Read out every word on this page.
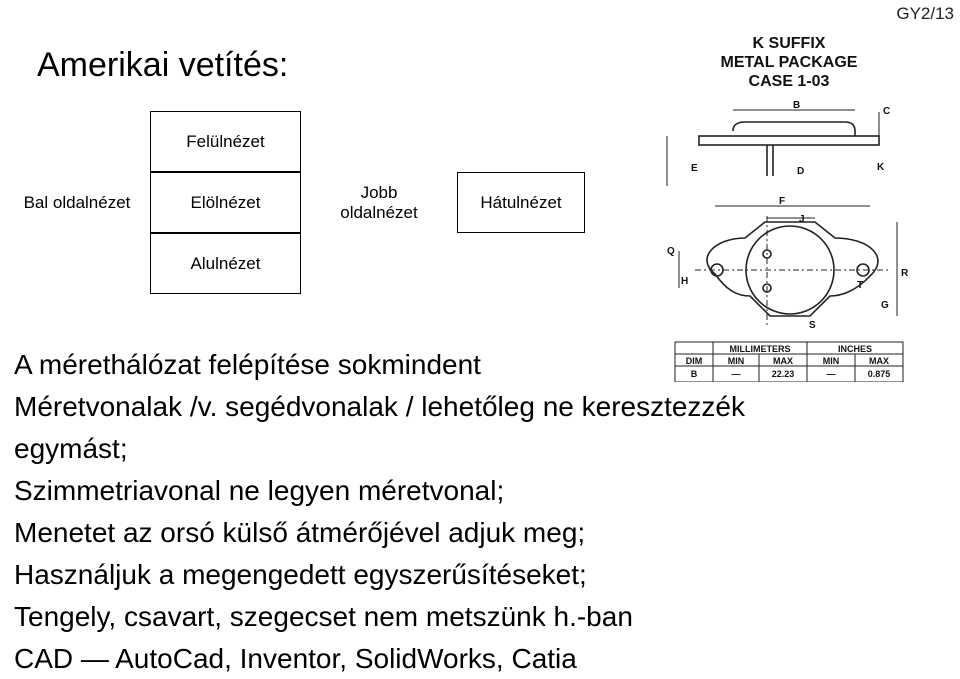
GY2/13
Amerikai vetítés:
Felülnézet
Bal oldalnézet	Elölnézet
Jobb
oldalnézet
Hátulnézet
Alulnézet
K SUFFIX
METAL PACKAGE
CASE 1-03
B
C
E	D	K
F
J
Q
H
R
T
G
S
MILLIMETERS	INCHES
DIM	MIN	MAX	MIN	MAX
B	—	22.23	—	0.875
A mérethálózat felépítése sokmindent
Méretvonalak /v. segédvonalak / lehetőleg ne keresztezzék
egymást;
Szimmetriavonal ne legyen méretvonal;
Menetet az orsó külső átmérőjével adjuk meg;
Használjuk a megengedett egyszerűsítéseket;
Tengely, csavart, szegecset nem metszünk h.-ban
CAD — AutoCad, Inventor, SolidWorks, Catia
